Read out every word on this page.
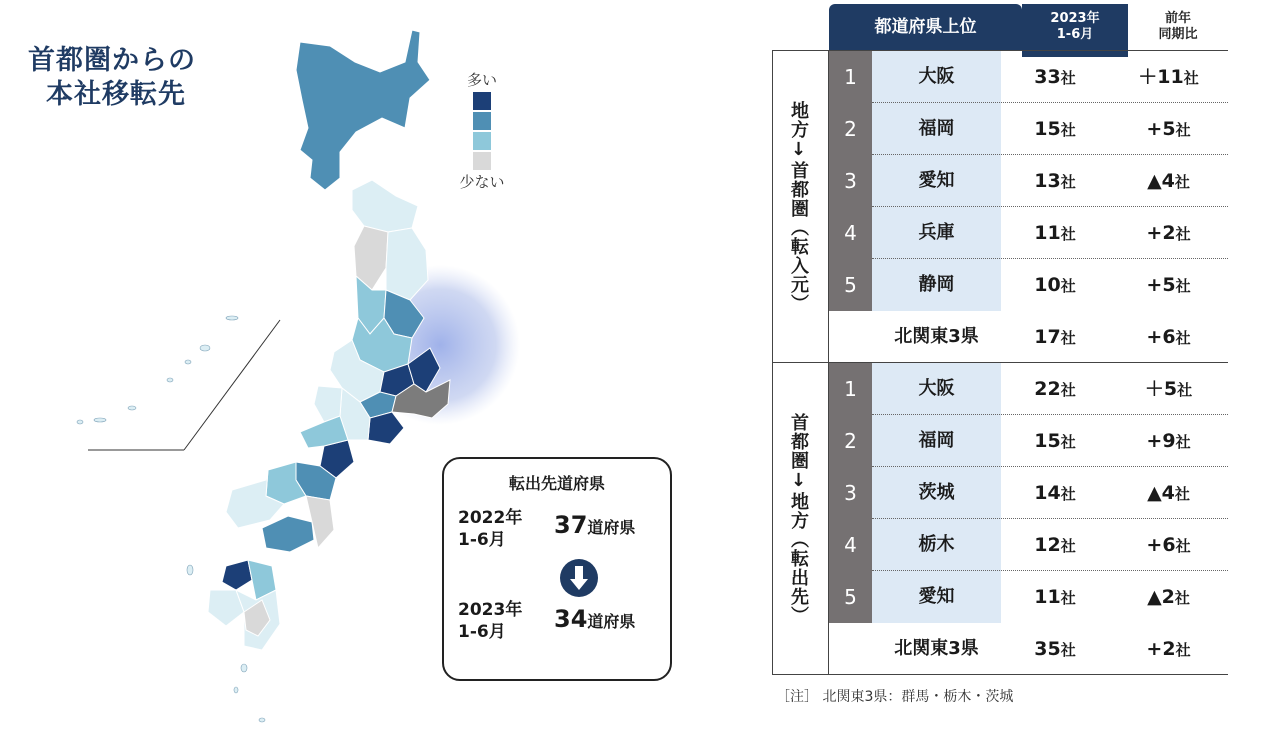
首都圏からの
本社移転先	多い
少ない
転出先道府県
2022年
1-6月
37道府県
2023年
1-6月	34道府県
都道府県上位	2023年
1-6月
前年
同期比
地方↓首都圏（転入元）
首都圏↓地方（転出先）
1	大阪	33社	＋11社
2	福岡	15社	+5社
3	愛知	13社	▲4社
4	兵庫	11社	+2社
5	静岡	10社	+5社
北関東3県	17社	+6社
1	大阪	22社	＋5社
2	福岡	15社	+9社
3	茨城	14社	▲4社
4	栃木	12社	+6社
5	愛知	11社	▲2社
北関東3県	35社	+2社
［注］ 北関東3県：群馬・栃木・茨城
